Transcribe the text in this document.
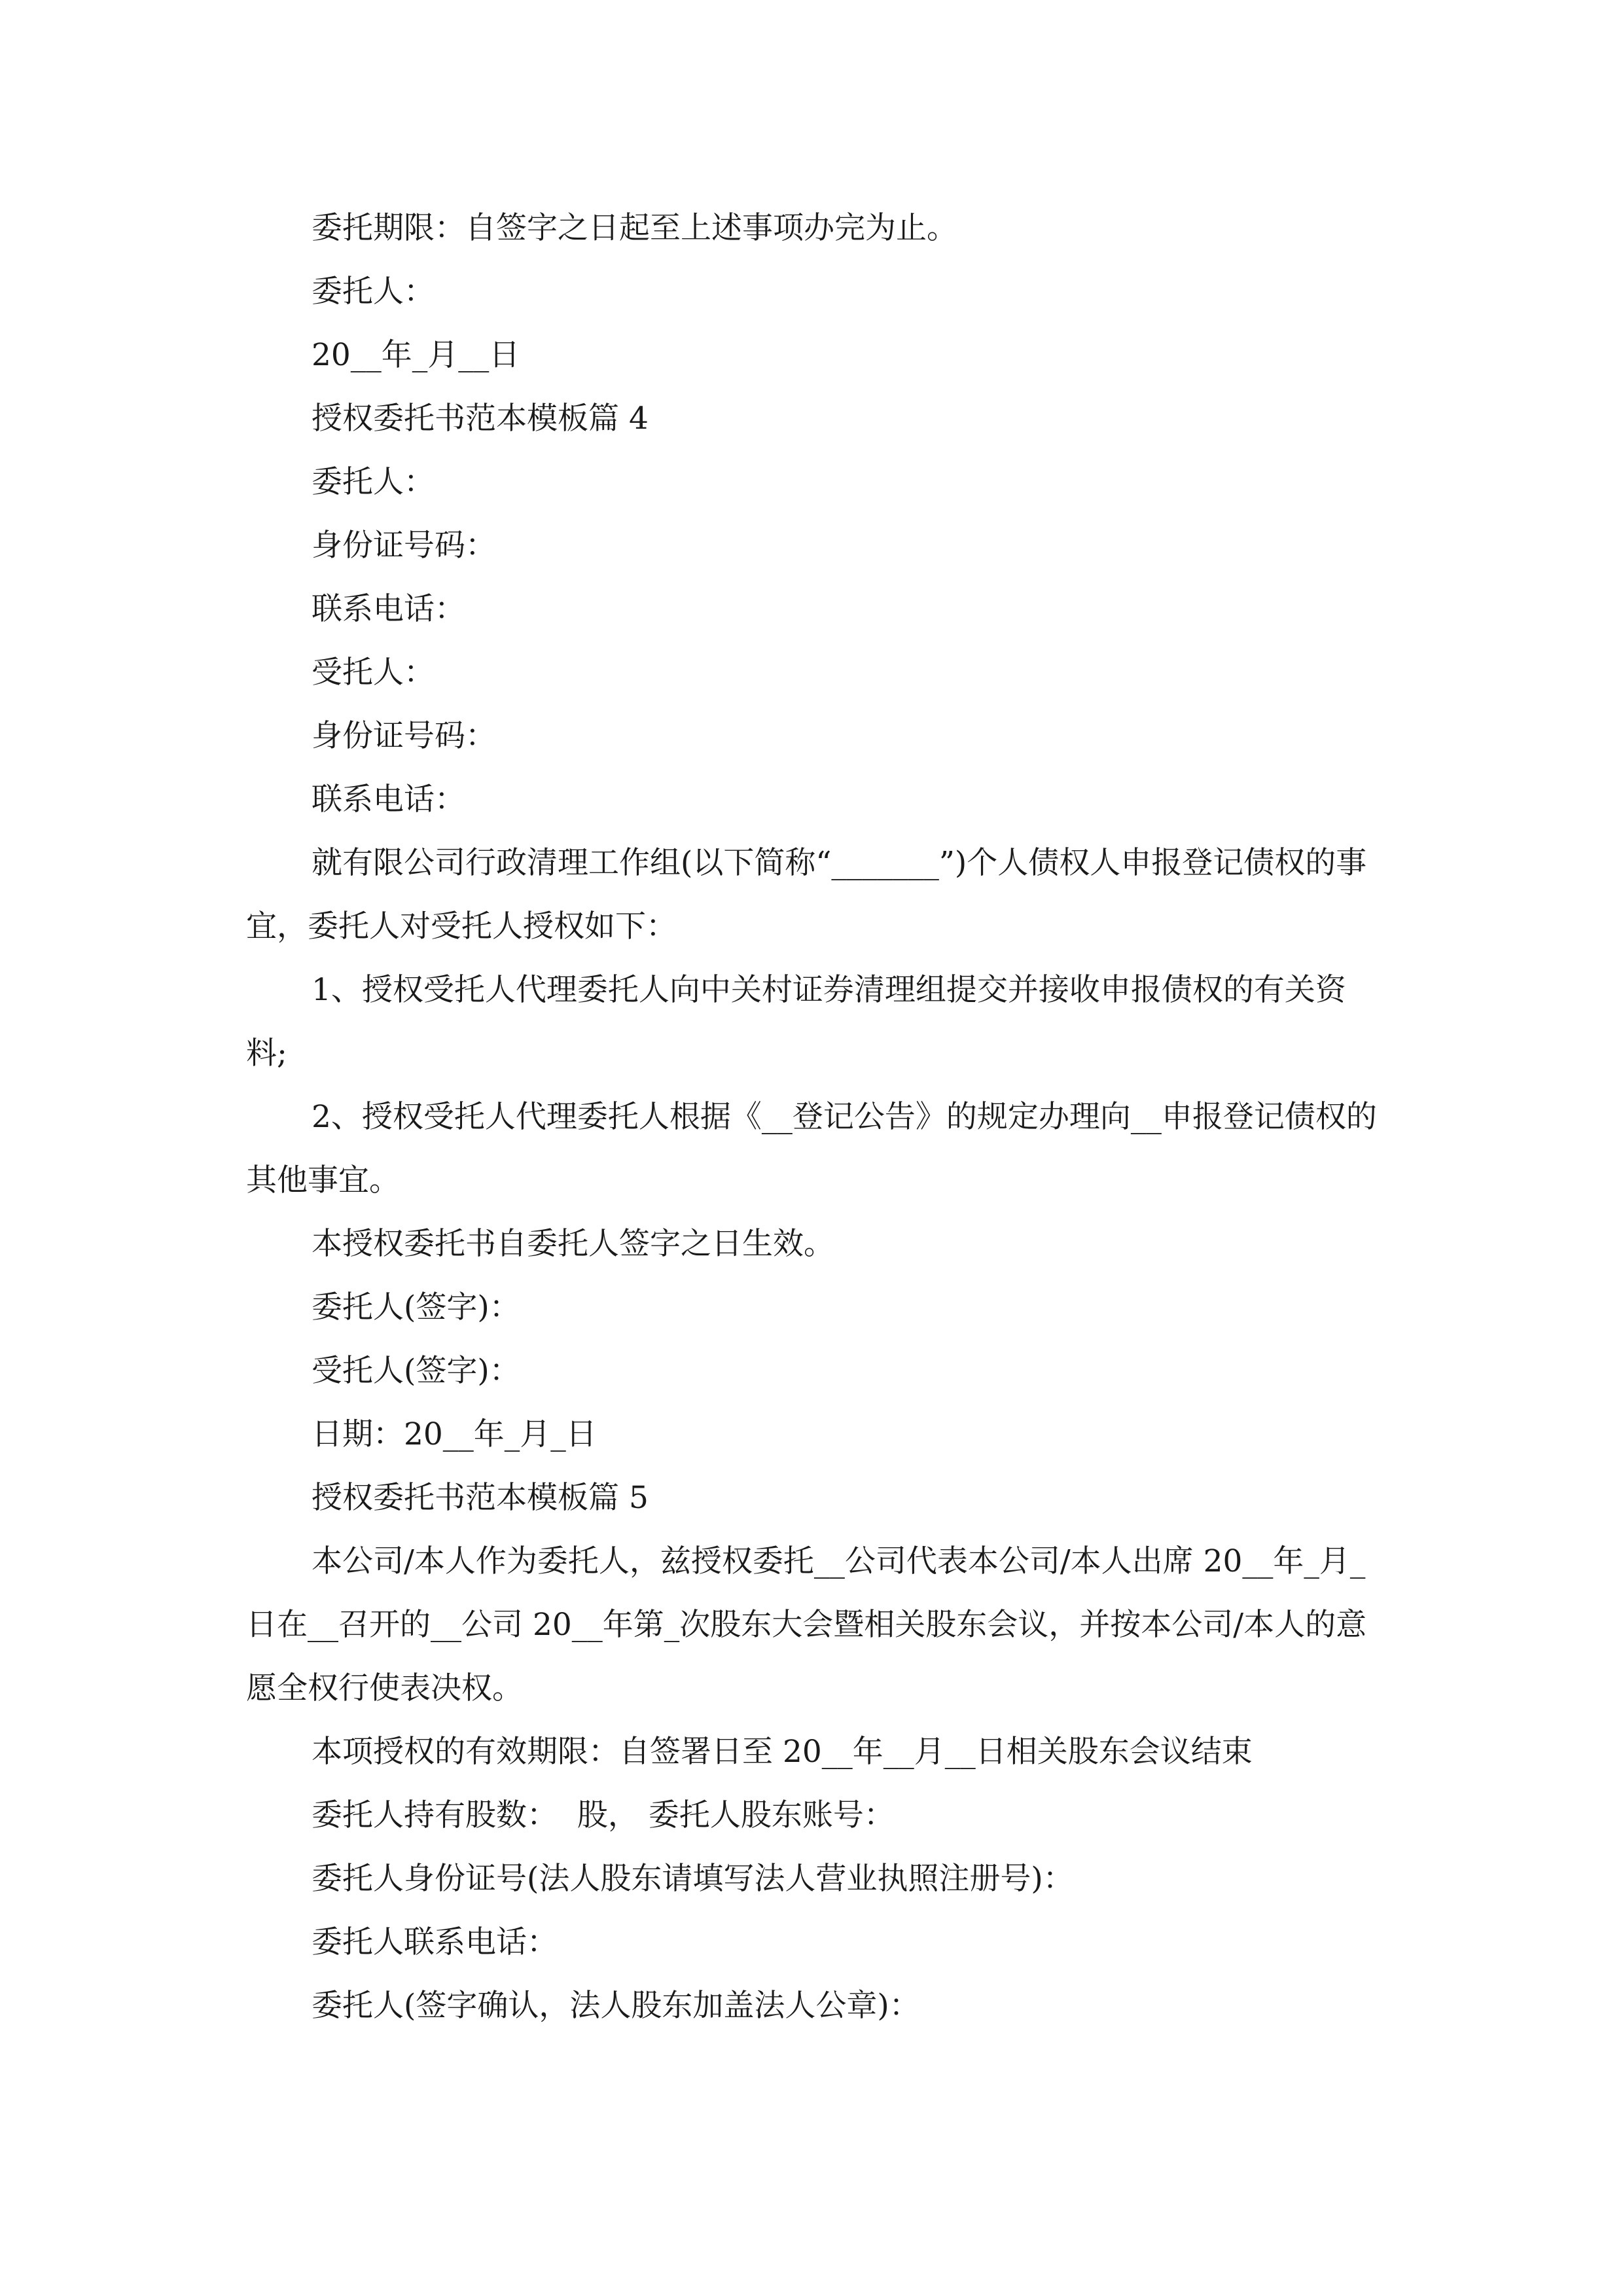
委托期限：自签字之日起至上述事项办完为止。

委托人：

20__年_月__日

授权委托书范本模板篇 4

委托人：

身份证号码：

联系电话：

受托人：

身份证号码：

联系电话：

就有限公司行政清理工作组(以下简称“_______”)个人债权人申报登记债权的事宜，委托人对受托人授权如下：

1、授权受托人代理委托人向中关村证券清理组提交并接收申报债权的有关资料;

2、授权受托人代理委托人根据《__登记公告》的规定办理向__申报登记债权的其他事宜。

本授权委托书自委托人签字之日生效。

委托人(签字)：

受托人(签字)：

日期：20__年_月_日

授权委托书范本模板篇 5

本公司/本人作为委托人，兹授权委托__公司代表本公司/本人出席 20__年_月_日在__召开的__公司 20__年第_次股东大会暨相关股东会议，并按本公司/本人的意愿全权行使表决权。

本项授权的有效期限：自签署日至 20__年__月__日相关股东会议结束

委托人持有股数：  股， 委托人股东账号：

委托人身份证号(法人股东请填写法人营业执照注册号)：

委托人联系电话：

委托人(签字确认，法人股东加盖法人公章)：
